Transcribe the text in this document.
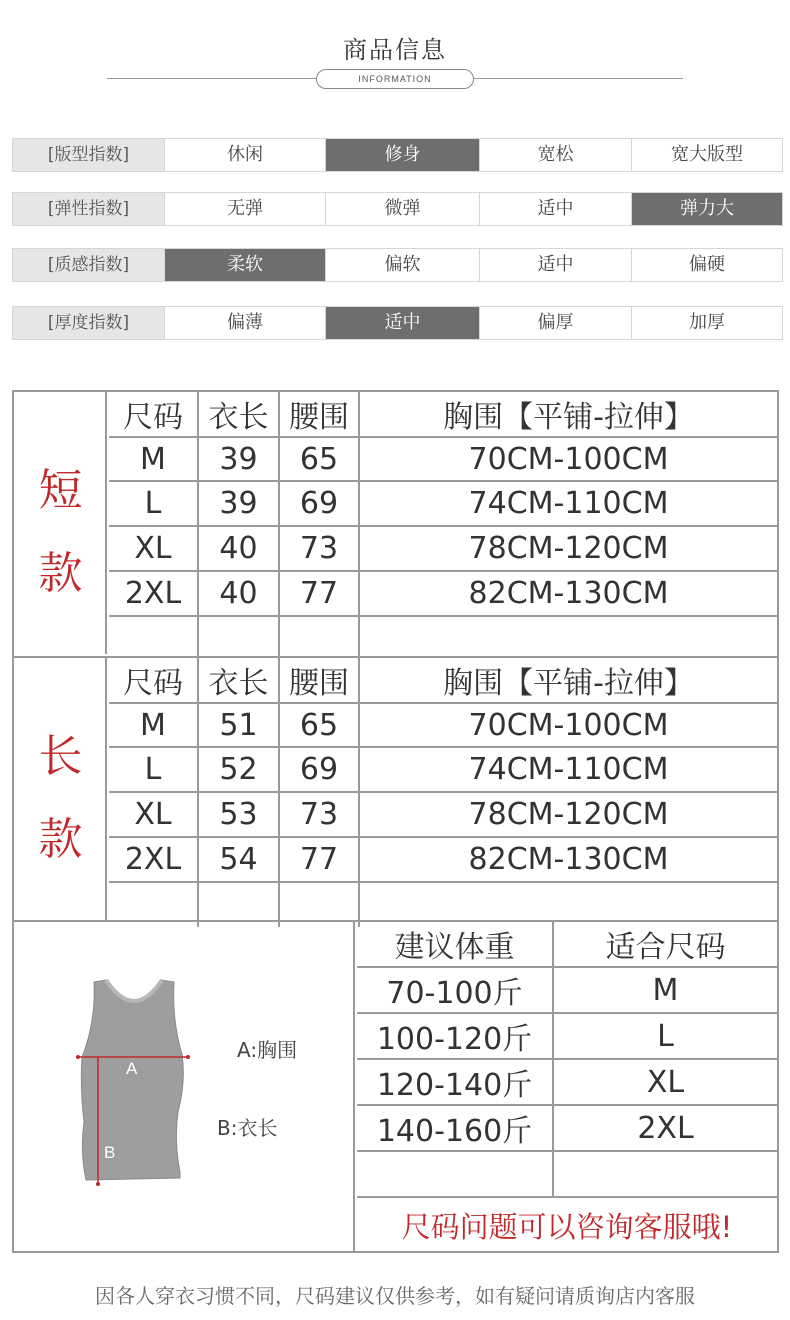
商品信息
INFORMATION
[版型指数]	休闲	修身	宽松	宽大版型
[弹性指数]	无弹	微弹	适中	弹力大
[质感指数]	柔软	偏软	适中	偏硬
[厚度指数]	偏薄	适中	偏厚	加厚
短
款
尺码	衣长	腰围	胸围【平铺-拉伸】
M	39	65	70CM-100CM
L	39	69	74CM-110CM
XL	40	73	78CM-120CM
2XL	40	77	82CM-130CM

长
款
尺码	衣长	腰围	胸围【平铺-拉伸】
M	51	65	70CM-100CM
L	52	69	74CM-110CM
XL	53	73	78CM-120CM
2XL	54	77	82CM-130CM

A
B
A:胸围
B:衣长
建议体重	适合尺码
70-100斤	M
100-120斤	L
120-140斤	XL
140-160斤	2XL

尺码问题可以咨询客服哦!	
因各人穿衣习惯不同，尺码建议仅供参考，如有疑问请质询店内客服
